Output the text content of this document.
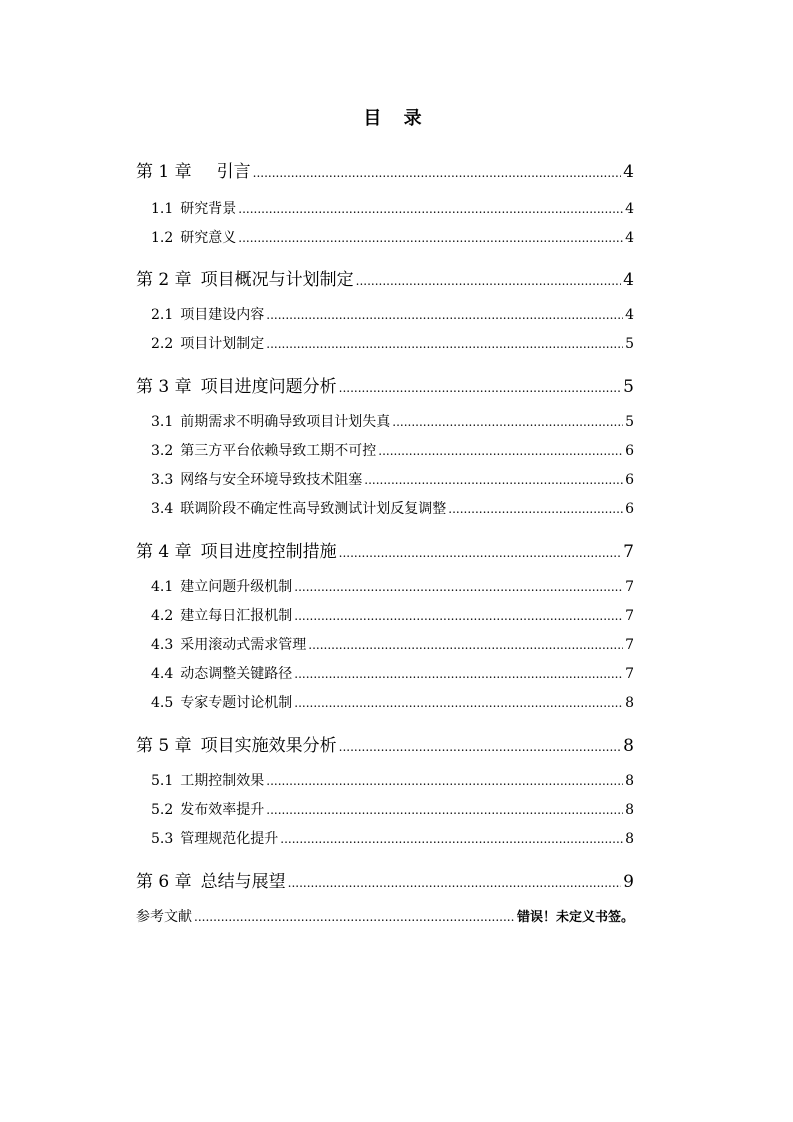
目 录
第 1 章 引言 .....	4
1.1 研究背景 .....	4
1.2 研究意义 .....	4
第 2 章 项目概况与计划制定 .....	4
2.1 项目建设内容 .....	4
2.2 项目计划制定 .....	5
第 3 章 项目进度问题分析 .....	5
3.1 前期需求不明确导致项目计划失真 .....	5
3.2 第三方平台依赖导致工期不可控 .....	6
3.3 网络与安全环境导致技术阻塞 .....	6
3.4 联调阶段不确定性高导致测试计划反复调整 .....	6
第 4 章 项目进度控制措施 .....	7
4.1 建立问题升级机制 .....	7
4.2 建立每日汇报机制 .....	7
4.3 采用滚动式需求管理 .....	7
4.4 动态调整关键路径 .....	7
4.5 专家专题讨论机制 .....	8
第 5 章 项目实施效果分析 .....	8
5.1 工期控制效果 .....	8
5.2 发布效率提升 .....	8
5.3 管理规范化提升 .....	8
第 6 章 总结与展望 .....	9
参考文献 .....	错误！未定义书签。
